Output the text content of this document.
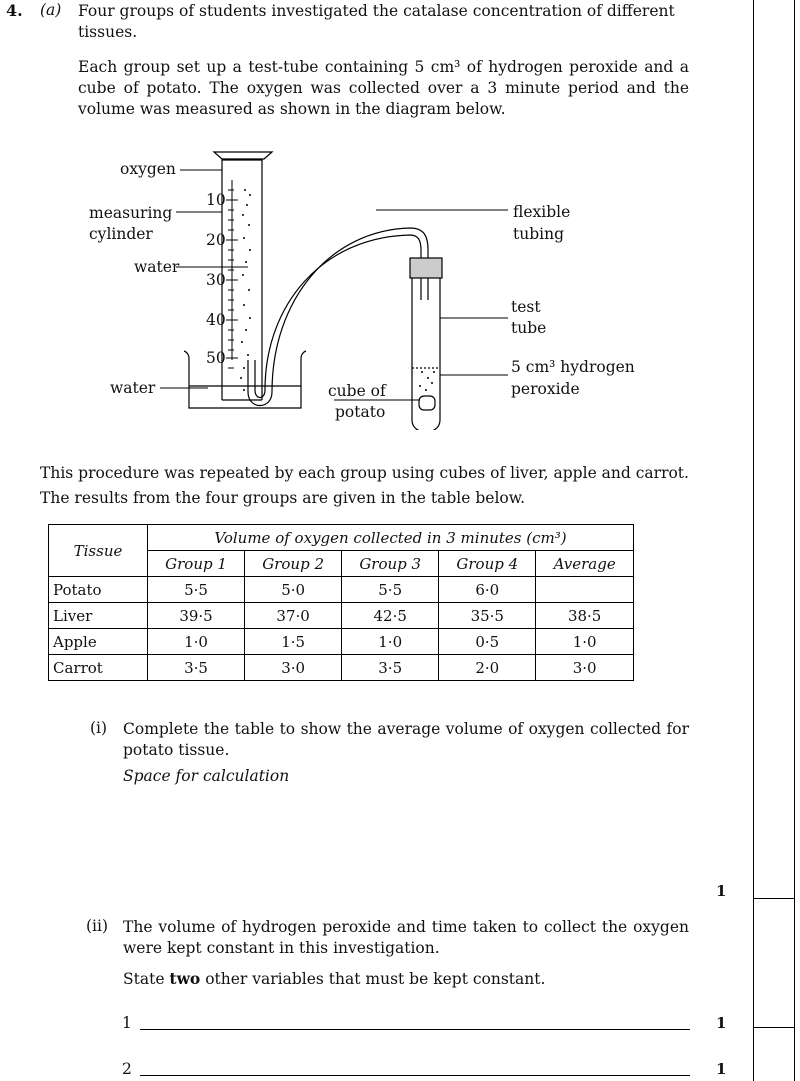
4. (a) Four groups of students investigated the catalase concentration of different

tissues.

Each group set up a test-tube containing 5 cm³ of hydrogen peroxide and a

cube of potato. The oxygen was collected over a 3 minute period and the

volume was measured as shown in the diagram below.

oxygen
measuring
cylinder
water
water
flexible
tubing
test
tube
5 cm³ hydrogen
peroxide
cube of
potato
10
20
30
40
50

This procedure was repeated by each group using cubes of liver, apple and carrot.

The results from the four groups are given in the table below.

Tissue	Volume of oxygen collected in 3 minutes (cm³)				
	Group 1	Group 2	Group 3	Group 4	Average
Potato	5·5	5·0	5·5	6·0	
Liver	39·5	37·0	42·5	35·5	38·5
Apple	1·0	1·5	1·0	0·5	1·0
Carrot	3·5	3·0	3·5	2·0	3·0
(i) Complete the table to show the average volume of oxygen collected for

potato tissue.

Space for calculation

1
(ii) The volume of hydrogen peroxide and time taken to collect the oxygen

were kept constant in this investigation.

State two other variables that must be kept constant.

1	1
2	1
